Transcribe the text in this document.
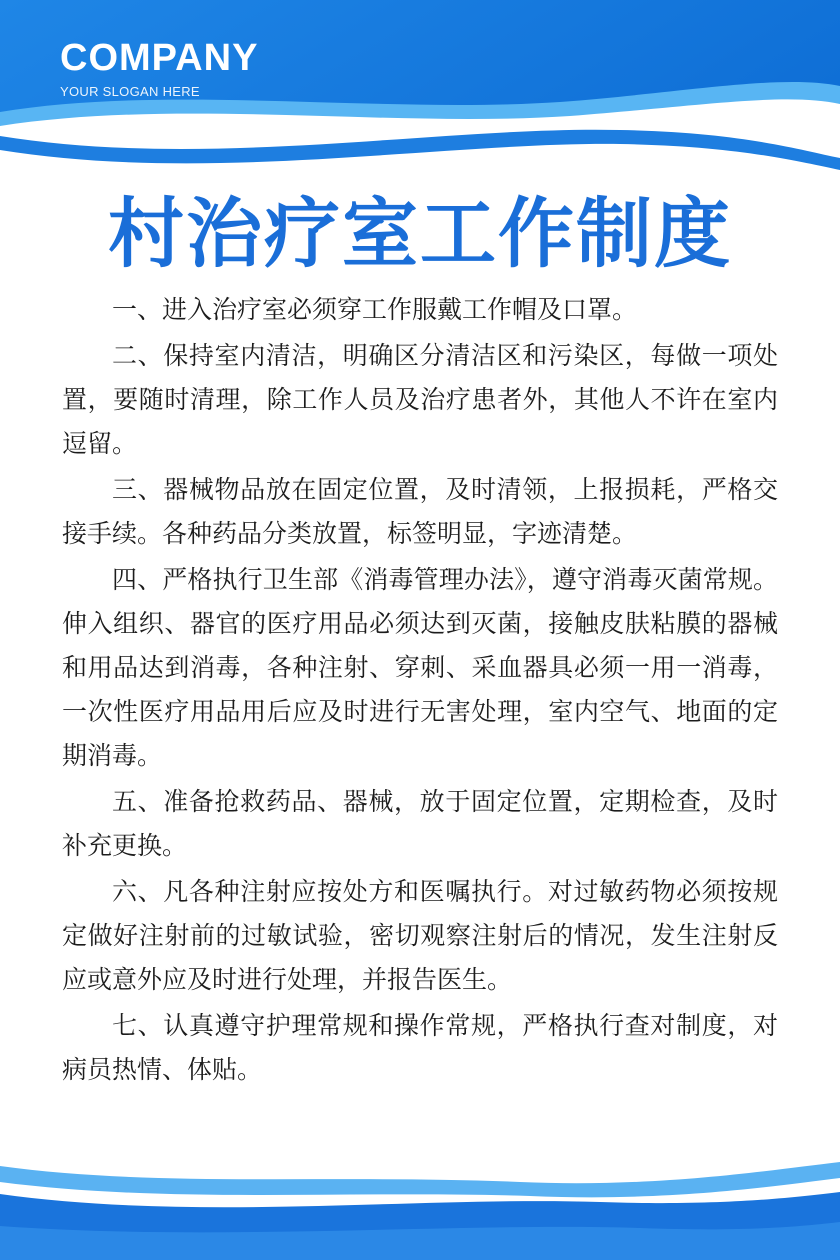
COMPANY
YOUR SLOGAN HERE
村治疗室工作制度

一、进入治疗室必须穿工作服戴工作帽及口罩。

二、保持室内清洁，明确区分清洁区和污染区，每做一项处置，要随时清理，除工作人员及治疗患者外，其他人不许在室内逗留。

三、器械物品放在固定位置，及时清领，上报损耗，严格交接手续。各种药品分类放置，标签明显，字迹清楚。

四、严格执行卫生部《消毒管理办法》，遵守消毒灭菌常规。伸入组织、器官的医疗用品必须达到灭菌，接触皮肤粘膜的器械和用品达到消毒，各种注射、穿刺、采血器具必须一用一消毒，一次性医疗用品用后应及时进行无害处理，室内空气、地面的定期消毒。

五、准备抢救药品、器械，放于固定位置，定期检查，及时补充更换。

六、凡各种注射应按处方和医嘱执行。对过敏药物必须按规定做好注射前的过敏试验，密切观察注射后的情况，发生注射反应或意外应及时进行处理，并报告医生。

七、认真遵守护理常规和操作常规，严格执行查对制度，对病员热情、体贴。
